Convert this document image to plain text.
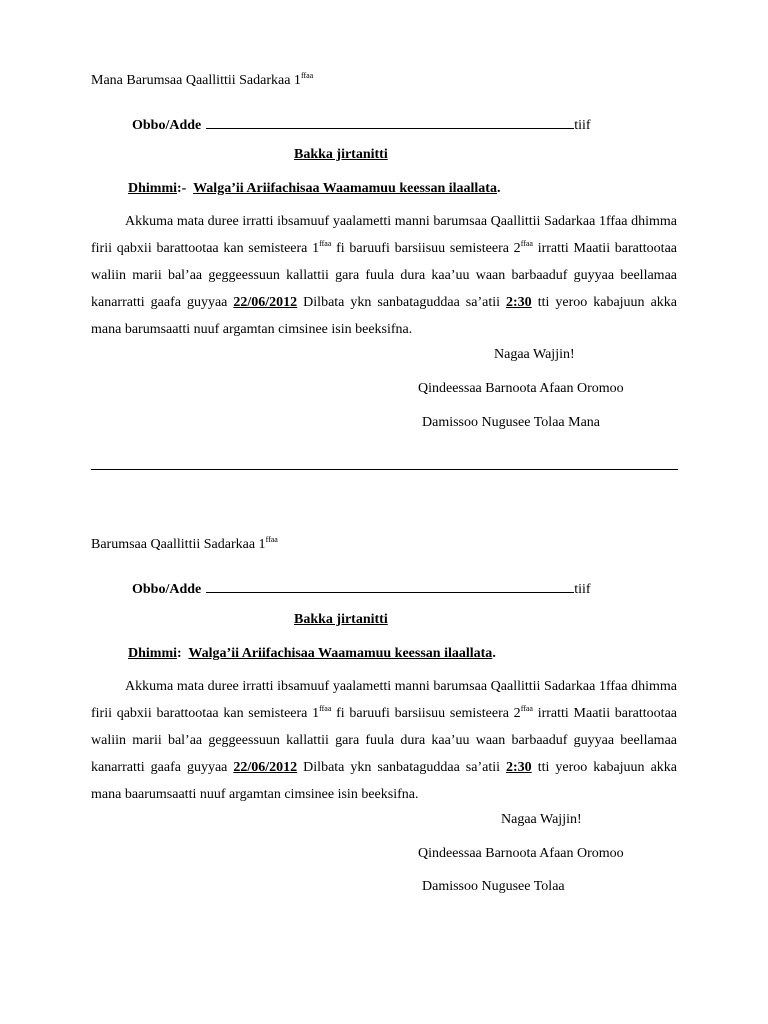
Mana Barumsaa Qaallittii Sadarkaa $1^{ffaa}$
Obbo/Adde	tiif
Bakka jirtanitti
Dhimmi:- Walga’ii Ariifachisaa Waamamuu keessan ilaallata.
Akkuma mata duree irratti ibsamuuf yaalametti manni barumsaa Qaallittii Sadarkaa 1ffaa dhimma firii qabxii barattootaa kan semisteera $1^{ffaa}$ fi baruufi barsiisuu semisteera $2^{ffaa}$ irratti Maatii barattootaa waliin marii bal’aa geggeessuun kallattii gara fuula dura kaa’uu waan barbaaduf guyyaa beellamaa kanarratti gaafa guyyaa 22/06/2012 Dilbata ykn sanbataguddaa sa’atii 2:30 tti yeroo kabajuun akka mana barumsaatti nuuf argamtan cimsinee isin beeksifna.
Nagaa Wajjin!
Qindeessaa Barnoota Afaan Oromoo
Damissoo Nugusee Tolaa Mana
Barumsaa Qaallittii Sadarkaa $1^{ffaa}$
Obbo/Adde	tiif
Bakka jirtanitti
Dhimmi: Walga’ii Ariifachisaa Waamamuu keessan ilaallata.
Akkuma mata duree irratti ibsamuuf yaalametti manni barumsaa Qaallittii Sadarkaa 1ffaa dhimma firii qabxii barattootaa kan semisteera $1^{ffaa}$ fi baruufi barsiisuu semisteera $2^{ffaa}$ irratti Maatii barattootaa waliin marii bal’aa geggeessuun kallattii gara fuula dura kaa’uu waan barbaaduf guyyaa beellamaa kanarratti gaafa guyyaa 22/06/2012 Dilbata ykn sanbataguddaa sa’atii 2:30 tti yeroo kabajuun akka mana baarumsaatti nuuf argamtan cimsinee isin beeksifna.
Nagaa Wajjin!
Qindeessaa Barnoota Afaan Oromoo
Damissoo Nugusee Tolaa
